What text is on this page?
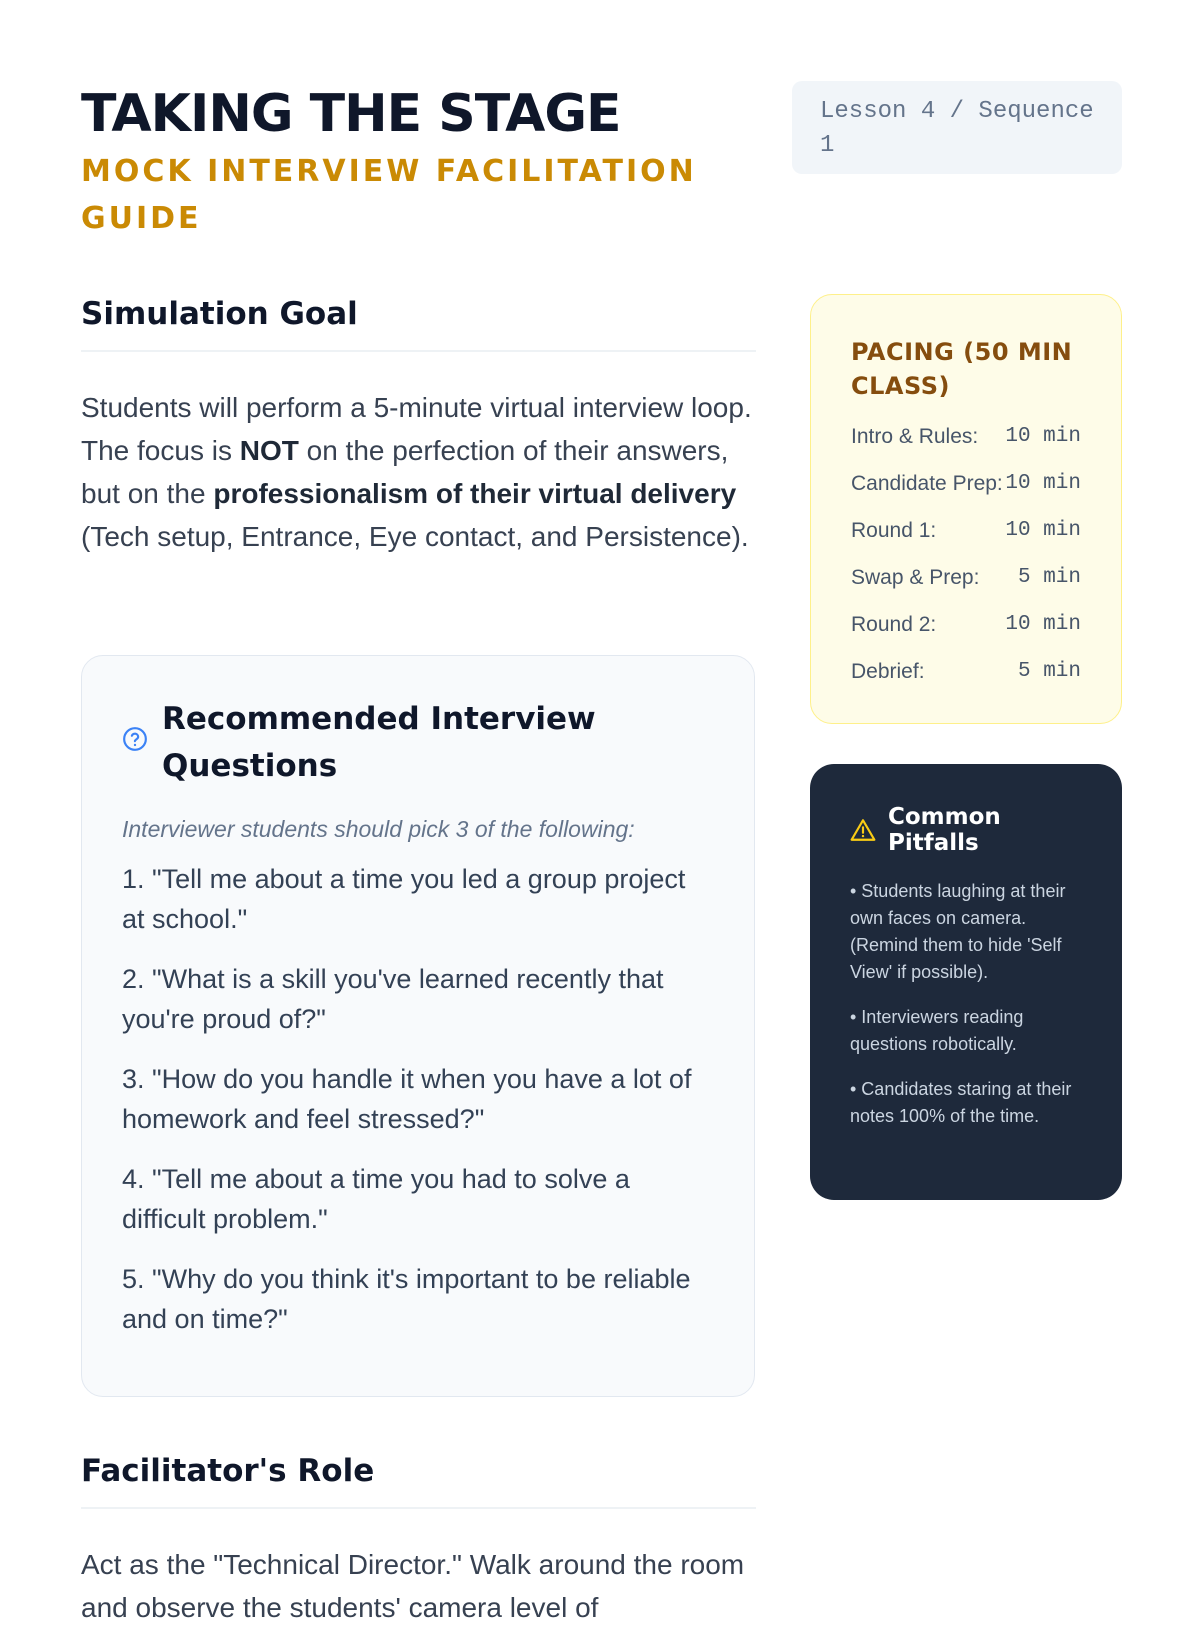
TAKING THE STAGE
MOCK INTERVIEW FACILITATION GUIDE
Lesson 4 / Sequence 1
Simulation Goal

Students will perform a 5-minute virtual interview loop. The focus is NOT on the perfection of their answers, but on the professionalism of their virtual delivery (Tech setup, Entrance, Eye contact, and Persistence).

Recommended Interview Questions

Interviewer students should pick 3 of the following:

1. "Tell me about a time you led a group project at school."
2. "What is a skill you've learned recently that you're proud of?"
3. "How do you handle it when you have a lot of homework and feel stressed?"
4. "Tell me about a time you had to solve a difficult problem."
5. "Why do you think it's important to be reliable and on time?"
Facilitator's Role

Act as the "Technical Director." Walk around the room and observe the students' camera level of

PACING (50 MIN CLASS)
Intro & Rules: 10 min
Candidate Prep: 10 min
Round 1:	10 min
Swap & Prep: 5 min
Round 2:	10 min
Debrief:	5 min
Common Pitfalls

• Students laughing at their own faces on camera. (Remind them to hide 'Self View' if possible).

• Interviewers reading questions robotically.

• Candidates staring at their notes 100% of the time.
